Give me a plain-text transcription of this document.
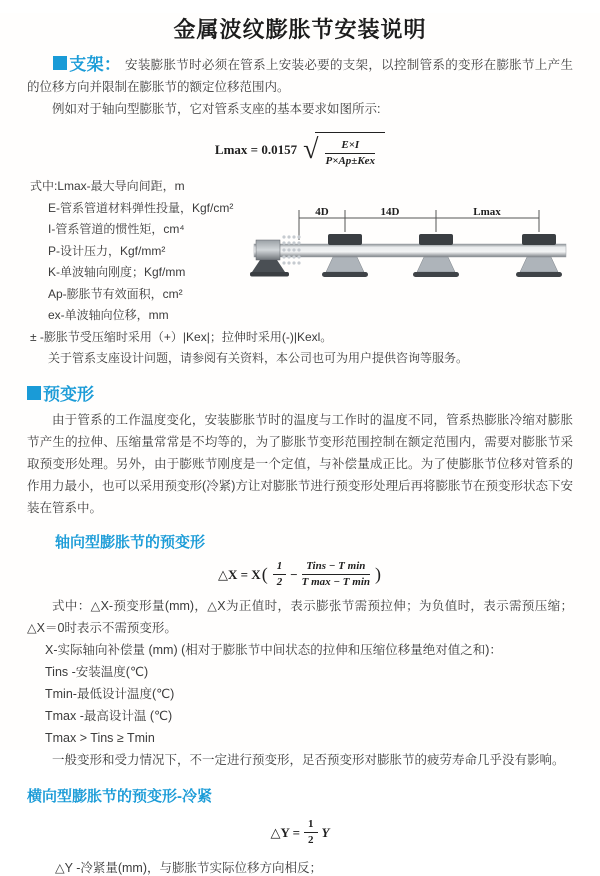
金属波纹膨胀节安装说明
支架： 安装膨胀节时必须在管系上安装必要的支架，以控制管系的变形在膨胀节上产生的位移方向并限制在膨胀节的额定位移范围内。
例如对于轴向型膨胀节，它对管系支座的基本要求如图所示:
Lmax = 0.0157 √ $\frac{E\times I}{\text{P×Ap±Kex}}$
式中:Lmax-最大导向间距，m
E-管系管道材料弹性投量，Kgf/cm²
I-管系管道的惯性矩，cm⁴
P-设计压力，Kgf/mm²
K-单波轴向刚度；Kgf/mm
Ap-膨胀节有效面积，cm²
ex-单波轴向位移，mm
± -膨胀节受压缩时采用（+）|Kex|；拉伸时采用(-)|Kexl。
关于管系支座设计问题，请参阅有关资料，本公司也可为用户提供咨询等服务。
4D	14D	Lmax
预变形
由于管系的工作温度变化，安装膨胀节时的温度与工作时的温度不同，管系热膨胀冷缩对膨胀节产生的拉伸、压缩量常常是不均等的，为了膨胀节变形范围控制在额定范围内，需要对膨胀节采取预变形处理。另外，由于膨账节刚度是一个定值，与补偿量成正比。为了使膨胀节位移对管系的作用力最小，也可以采用预变形(冷紧)方让对膨胀节进行预变形处理后再将膨胀节在预变形状态下安装在管系中。
轴向型膨胀节的预变形
△X = X ( $\frac{1}{2} - \frac{\text{Tins − T min}}{\text{T max − T min}}$ )
式中：△X-预变形量(mm)，△X为正值时，表示膨张节需预拉伸；为负值时，表示需预压缩；△X＝0时表示不需预变形。
X-实际轴向补偿量 (mm) (相对于膨胀节中间状态的拉伸和压缩位移量绝对值之和)：
Tins -安装温度(℃)
Tmin-最低设计温度(℃)
Tmax -最高设计温 (℃)
Tmax > Tins ≥ Tmin
一般变形和受力情况下，不一定进行预变形，足否预变形对膨胀节的疲劳寿命几乎没有影响。
横向型膨胀节的预变形-冷紧
△Y = $\frac{1}{2}$ Y
△Y -冷紧量(mm)，与膨胀节实际位移方向相反；
